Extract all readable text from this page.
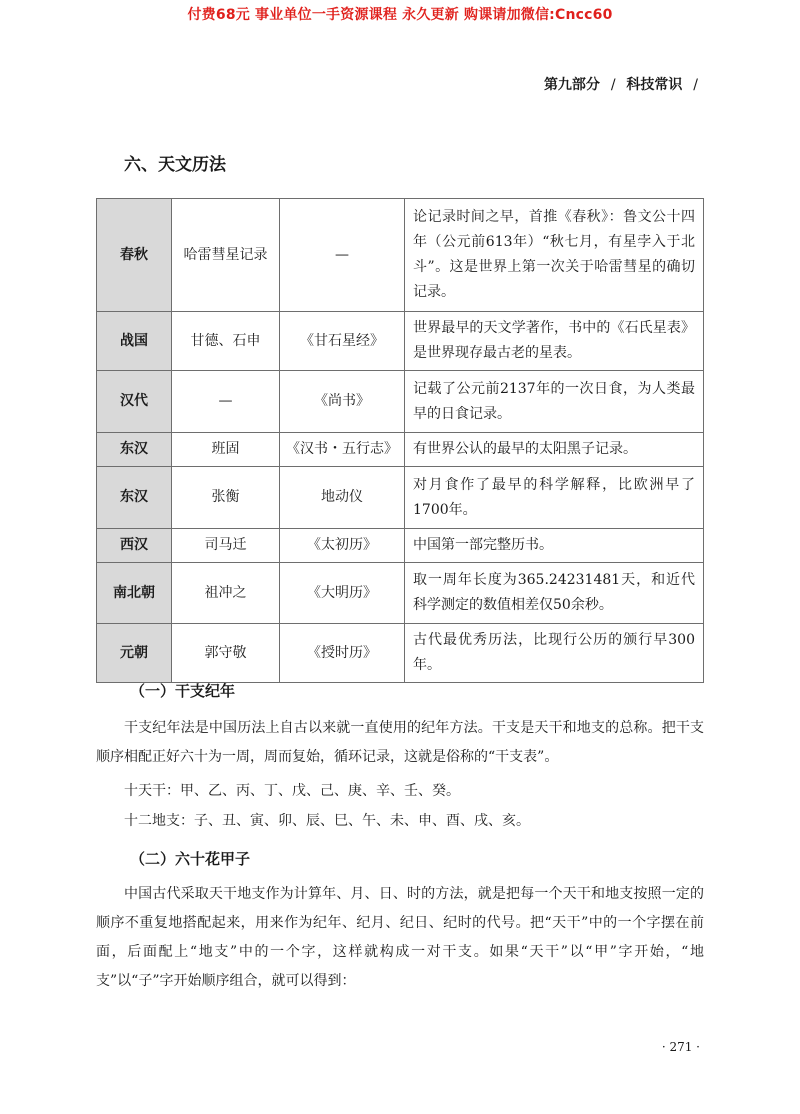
付费68元 事业单位一手资源课程 永久更新 购课请加微信:Cncc60
第九部分 / 科技常识 /
六、天文历法
春秋	哈雷彗星记录	—	论记录时间之早，首推《春秋》：鲁文公十四年（公元前613年）“秋七月，有星孛入于北斗”。这是世界上第一次关于哈雷彗星的确切记录。
战国	甘德、石申	《甘石星经》	世界最早的天文学著作，书中的《石氏星表》是世界现存最古老的星表。
汉代	—	《尚书》	记载了公元前2137年的一次日食，为人类最早的日食记录。
东汉	班固	《汉书・五行志》	有世界公认的最早的太阳黑子记录。
东汉	张衡	地动仪	对月食作了最早的科学解释，比欧洲早了1700年。
西汉	司马迁	《太初历》	中国第一部完整历书。
南北朝	祖冲之	《大明历》	取一周年长度为365.24231481天，和近代科学测定的数值相差仅50余秒。
元朝	郭守敬	《授时历》	古代最优秀历法，比现行公历的颁行早300年。
（一）干支纪年

干支纪年法是中国历法上自古以来就一直使用的纪年方法。干支是天干和地支的总称。把干支顺序相配正好六十为一周，周而复始，循环记录，这就是俗称的“干支表”。

十天干：甲、乙、丙、丁、戊、己、庚、辛、壬、癸。

十二地支：子、丑、寅、卯、辰、巳、午、未、申、酉、戌、亥。

（二）六十花甲子

中国古代采取天干地支作为计算年、月、日、时的方法，就是把每一个天干和地支按照一定的顺序不重复地搭配起来，用来作为纪年、纪月、纪日、纪时的代号。把“天干”中的一个字摆在前面，后面配上“地支”中的一个字，这样就构成一对干支。如果“天干”以“甲”字开始，“地支”以“子”字开始顺序组合，就可以得到：

· 271 ·
